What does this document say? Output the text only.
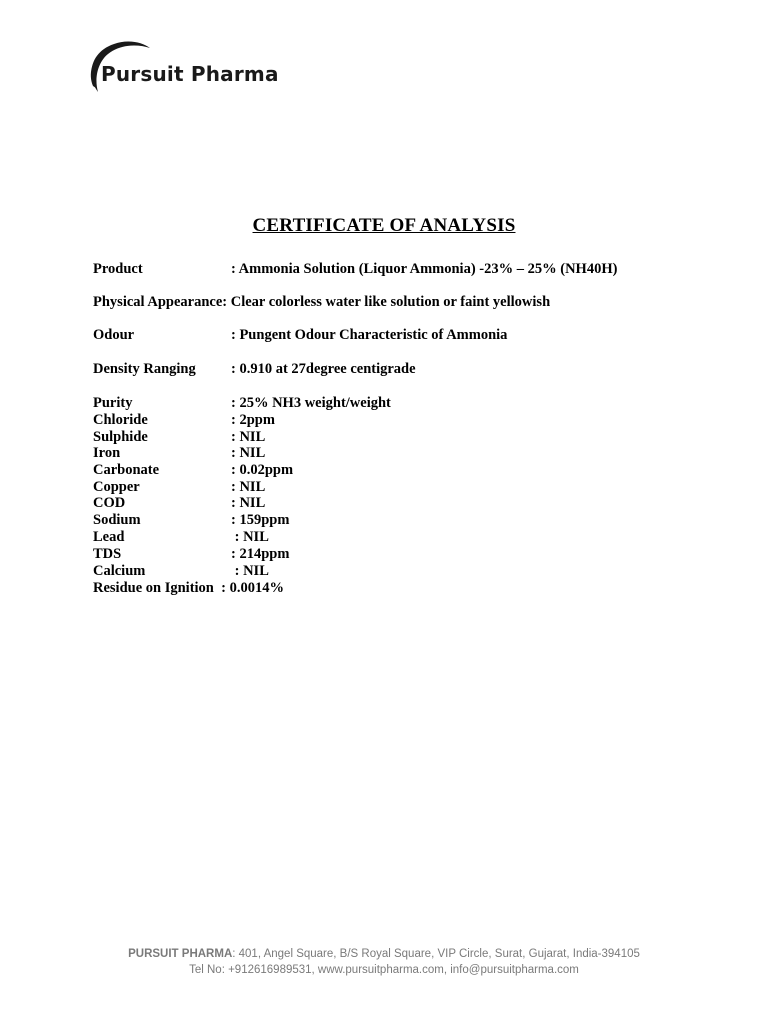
Pursuit Pharma
CERTIFICATE OF ANALYSIS
Product	: Ammonia Solution (Liquor Ammonia) -23% – 25% (NH40H)
Physical Appearance: Clear colorless water like solution or faint yellowish
Odour	: Pungent Odour Characteristic of Ammonia
Density Ranging : 0.910 at 27degree centigrade
Purity	: 25% NH3 weight/weight
Chloride	: 2ppm
Sulphide	: NIL
Iron	: NIL
Carbonate	: 0.02ppm
Copper	: NIL
COD	: NIL
Sodium	: 159ppm
Lead	: NIL
TDS	: 214ppm
Calcium	: NIL
Residue on Ignition  : 0.0014%
PURSUIT PHARMA: 401, Angel Square, B/S Royal Square, VIP Circle, Surat, Gujarat, India-394105
Tel No: +912616989531, www.pursuitpharma.com, info@pursuitpharma.com
